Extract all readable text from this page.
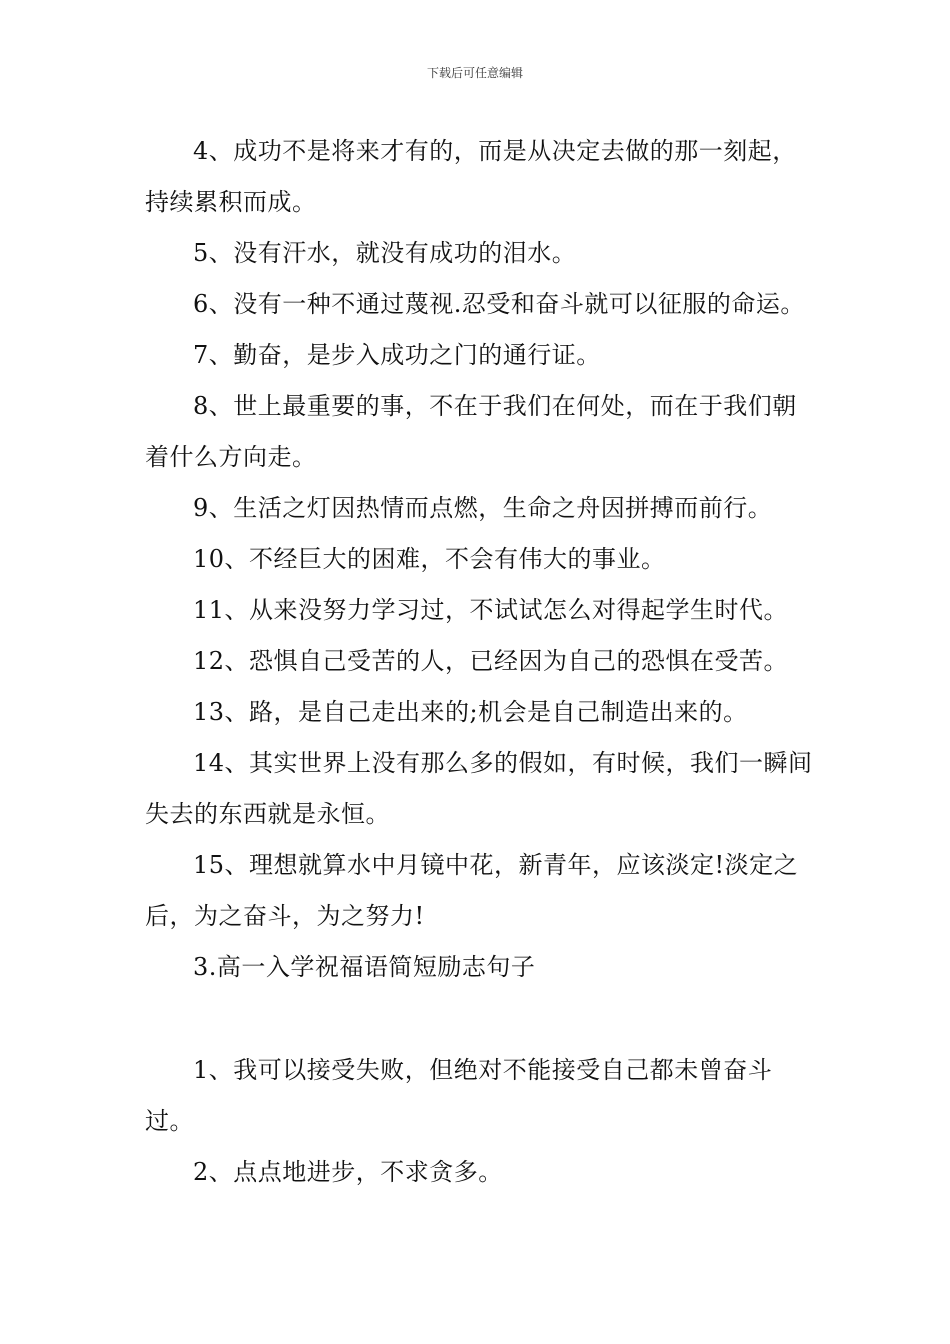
下载后可任意编辑

4、成功不是将来才有的，而是从决定去做的那一刻起，持续累积而成。

5、没有汗水，就没有成功的泪水。

6、没有一种不通过蔑视.忍受和奋斗就可以征服的命运。

7、勤奋，是步入成功之门的通行证。

8、世上最重要的事，不在于我们在何处，而在于我们朝着什么方向走。

9、生活之灯因热情而点燃，生命之舟因拼搏而前行。

10、不经巨大的困难，不会有伟大的事业。

11、从来没努力学习过，不试试怎么对得起学生时代。

12、恐惧自己受苦的人，已经因为自己的恐惧在受苦。

13、路，是自己走出来的;机会是自己制造出来的。

14、其实世界上没有那么多的假如，有时候，我们一瞬间失去的东西就是永恒。

15、理想就算水中月镜中花，新青年，应该淡定!淡定之后，为之奋斗，为之努力!

3.高一入学祝福语简短励志句子

1、我可以接受失败，但绝对不能接受自己都未曾奋斗过。

2、点点地进步，不求贪多。
